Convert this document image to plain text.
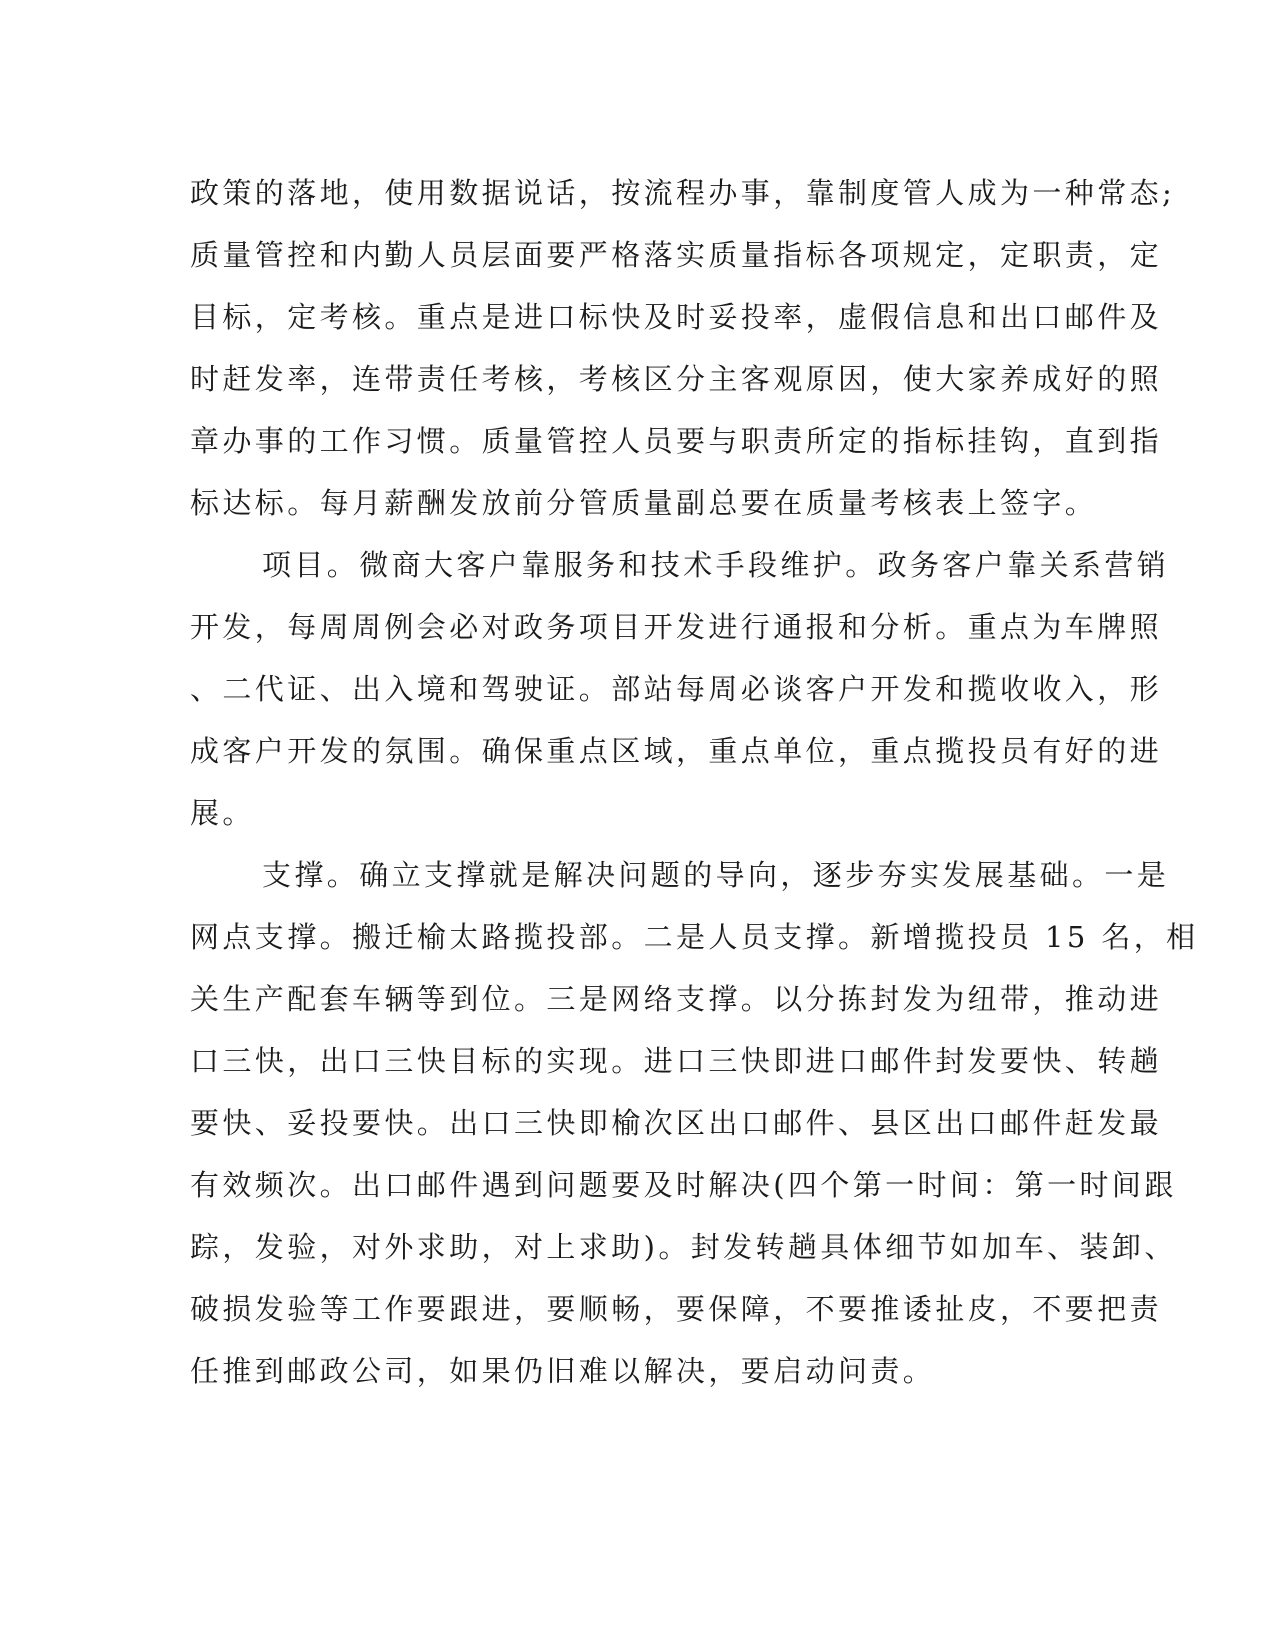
政策的落地，使用数据说话，按流程办事，靠制度管人成为一种常态;
质量管控和内勤人员层面要严格落实质量指标各项规定，定职责，定
目标，定考核。重点是进口标快及时妥投率，虚假信息和出口邮件及
时赶发率，连带责任考核，考核区分主客观原因，使大家养成好的照
章办事的工作习惯。质量管控人员要与职责所定的指标挂钩，直到指
标达标。每月薪酬发放前分管质量副总要在质量考核表上签字。

项目。微商大客户靠服务和技术手段维护。政务客户靠关系营销
开发，每周周例会必对政务项目开发进行通报和分析。重点为车牌照
、二代证、出入境和驾驶证。部站每周必谈客户开发和揽收收入，形
成客户开发的氛围。确保重点区域，重点单位，重点揽投员有好的进
展。

支撑。确立支撑就是解决问题的导向，逐步夯实发展基础。一是
网点支撑。搬迁榆太路揽投部。二是人员支撑。新增揽投员 15 名，相
关生产配套车辆等到位。三是网络支撑。以分拣封发为纽带，推动进
口三快，出口三快目标的实现。进口三快即进口邮件封发要快、转趟
要快、妥投要快。出口三快即榆次区出口邮件、县区出口邮件赶发最
有效频次。出口邮件遇到问题要及时解决(四个第一时间：第一时间跟
踪，发验，对外求助，对上求助)。封发转趟具体细节如加车、装卸、
破损发验等工作要跟进，要顺畅，要保障，不要推诿扯皮，不要把责
任推到邮政公司，如果仍旧难以解决，要启动问责。
